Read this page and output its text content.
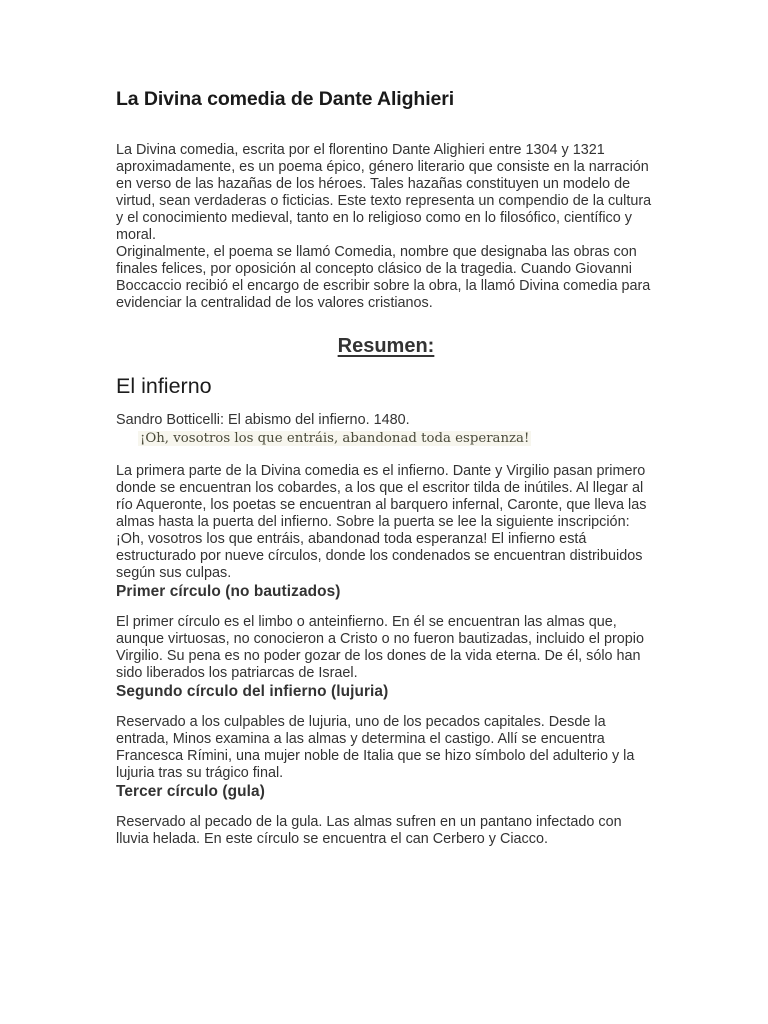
La Divina comedia de Dante Alighieri

La Divina comedia, escrita por el florentino Dante Alighieri entre 1304 y 1321 aproximadamente, es un poema épico, género literario que consiste en la narración en verso de las hazañas de los héroes. Tales hazañas constituyen un modelo de virtud, sean verdaderas o ficticias. Este texto representa un compendio de la cultura y el conocimiento medieval, tanto en lo religioso como en lo filosófico, científico y moral.

Originalmente, el poema se llamó Comedia, nombre que designaba las obras con finales felices, por oposición al concepto clásico de la tragedia. Cuando Giovanni Boccaccio recibió el encargo de escribir sobre la obra, la llamó Divina comedia para evidenciar la centralidad de los valores cristianos.

Resumen:
El infierno

Sandro Botticelli: El abismo del infierno. 1480.

¡Oh, vosotros los que entráis, abandonad toda esperanza!

La primera parte de la Divina comedia es el infierno. Dante y Virgilio pasan primero donde se encuentran los cobardes, a los que el escritor tilda de inútiles. Al llegar al río Aqueronte, los poetas se encuentran al barquero infernal, Caronte, que lleva las almas hasta la puerta del infierno. Sobre la puerta se lee la siguiente inscripción: ¡Oh, vosotros los que entráis, abandonad toda esperanza! El infierno está estructurado por nueve círculos, donde los condenados se encuentran distribuidos según sus culpas.

Primer círculo (no bautizados)

El primer círculo es el limbo o anteinfierno. En él se encuentran las almas que, aunque virtuosas, no conocieron a Cristo o no fueron bautizadas, incluido el propio Virgilio. Su pena es no poder gozar de los dones de la vida eterna. De él, sólo han sido liberados los patriarcas de Israel.

Segundo círculo del infierno (lujuria)

Reservado a los culpables de lujuria, uno de los pecados capitales. Desde la entrada, Minos examina a las almas y determina el castigo. Allí se encuentra Francesca Rímini, una mujer noble de Italia que se hizo símbolo del adulterio y la lujuria tras su trágico final.

Tercer círculo (gula)

Reservado al pecado de la gula. Las almas sufren en un pantano infectado con lluvia helada. En este círculo se encuentra el can Cerbero y Ciacco.
